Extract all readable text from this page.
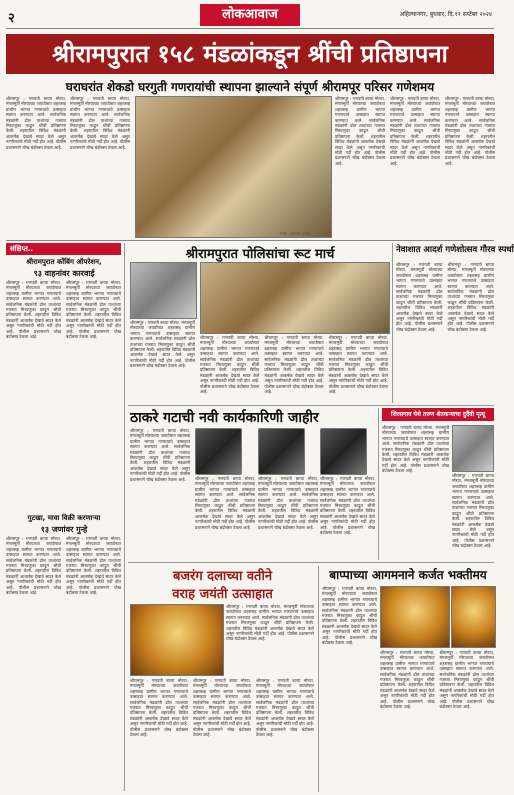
२	लोकआवाज	अहिल्यानगर, बुधवार, दि.११ सप्टेंबर २०२४
श्रीरामपुरात १५८ मंडळांकडून श्रींची प्रतिष्ठापना
घराघरांत शेकडो घरगुती गणरायांची स्थापना झाल्याने संपूर्ण श्रीरामपूर परिसर गणेशमय
श्रीरामपूर : गणपती बाप्पा मोरया, मंगलमूर्ती मोरयाच्या जयघोषात शहरासह ग्रामीण भागात गणरायाचे उत्साहात स्वागत करण्यात आले. सार्वजनिक मंडळांनी ढोल ताशांच्या गजरात मिरवणुका काढून श्रींची प्रतिष्ठापना केली. शहरातील विविध मंडळांनी आकर्षक देखावे सादर केले असून नागरिकांची मोठी गर्दी होत आहे. पोलीस प्रशासनाने चोख बंदोबस्त ठेवला आहे.
श्रीरामपूर : गणपती बाप्पा मोरया, मंगलमूर्ती मोरयाच्या जयघोषात शहरासह ग्रामीण भागात गणरायाचे उत्साहात स्वागत करण्यात आले. सार्वजनिक मंडळांनी ढोल ताशांच्या गजरात मिरवणुका काढून श्रींची प्रतिष्ठापना केली. शहरातील विविध मंडळांनी आकर्षक देखावे सादर केले असून नागरिकांची मोठी गर्दी होत आहे. पोलीस प्रशासनाने चोख बंदोबस्त ठेवला आहे.
छाया : कैलास शेळके
श्रीरामपूर : गणपती बाप्पा मोरया, मंगलमूर्ती मोरयाच्या जयघोषात शहरासह ग्रामीण भागात गणरायाचे उत्साहात स्वागत करण्यात आले. सार्वजनिक मंडळांनी ढोल ताशांच्या गजरात मिरवणुका काढून श्रींची प्रतिष्ठापना केली. शहरातील विविध मंडळांनी आकर्षक देखावे सादर केले असून नागरिकांची मोठी गर्दी होत आहे. पोलीस प्रशासनाने चोख बंदोबस्त ठेवला आहे.
श्रीरामपूर : गणपती बाप्पा मोरया, मंगलमूर्ती मोरयाच्या जयघोषात शहरासह ग्रामीण भागात गणरायाचे उत्साहात स्वागत करण्यात आले. सार्वजनिक मंडळांनी ढोल ताशांच्या गजरात मिरवणुका काढून श्रींची प्रतिष्ठापना केली. शहरातील विविध मंडळांनी आकर्षक देखावे सादर केले असून नागरिकांची मोठी गर्दी होत आहे. पोलीस प्रशासनाने चोख बंदोबस्त ठेवला आहे.
श्रीरामपूर : गणपती बाप्पा मोरया, मंगलमूर्ती मोरयाच्या जयघोषात शहरासह ग्रामीण भागात गणरायाचे उत्साहात स्वागत करण्यात आले. सार्वजनिक मंडळांनी ढोल ताशांच्या गजरात मिरवणुका काढून श्रींची प्रतिष्ठापना केली. शहरातील विविध मंडळांनी आकर्षक देखावे सादर केले असून नागरिकांची मोठी गर्दी होत आहे. पोलीस प्रशासनाने चोख बंदोबस्त ठेवला आहे.
संक्षिप्त..
श्रीरामपुरात कोंबिंग ऑपरेशन,
९३ वाहनांवर कारवाई
श्रीरामपूर : गणपती बाप्पा मोरया, मंगलमूर्ती मोरयाच्या जयघोषात शहरासह ग्रामीण भागात गणरायाचे उत्साहात स्वागत करण्यात आले. सार्वजनिक मंडळांनी ढोल ताशांच्या गजरात मिरवणुका काढून श्रींची प्रतिष्ठापना केली. शहरातील विविध मंडळांनी आकर्षक देखावे सादर केले असून नागरिकांची मोठी गर्दी होत आहे. पोलीस प्रशासनाने चोख बंदोबस्त ठेवला आहे.
श्रीरामपूर : गणपती बाप्पा मोरया, मंगलमूर्ती मोरयाच्या जयघोषात शहरासह ग्रामीण भागात गणरायाचे उत्साहात स्वागत करण्यात आले. सार्वजनिक मंडळांनी ढोल ताशांच्या गजरात मिरवणुका काढून श्रींची प्रतिष्ठापना केली. शहरातील विविध मंडळांनी आकर्षक देखावे सादर केले असून नागरिकांची मोठी गर्दी होत आहे. पोलीस प्रशासनाने चोख बंदोबस्त ठेवला आहे.
गुटखा, मावा विक्री करणाऱ्या
१३ जणांवर गुन्हे
श्रीरामपूर : गणपती बाप्पा मोरया, मंगलमूर्ती मोरयाच्या जयघोषात शहरासह ग्रामीण भागात गणरायाचे उत्साहात स्वागत करण्यात आले. सार्वजनिक मंडळांनी ढोल ताशांच्या गजरात मिरवणुका काढून श्रींची प्रतिष्ठापना केली. शहरातील विविध मंडळांनी आकर्षक देखावे सादर केले असून नागरिकांची मोठी गर्दी होत आहे. पोलीस प्रशासनाने चोख बंदोबस्त ठेवला आहे.
श्रीरामपूर : गणपती बाप्पा मोरया, मंगलमूर्ती मोरयाच्या जयघोषात शहरासह ग्रामीण भागात गणरायाचे उत्साहात स्वागत करण्यात आले. सार्वजनिक मंडळांनी ढोल ताशांच्या गजरात मिरवणुका काढून श्रींची प्रतिष्ठापना केली. शहरातील विविध मंडळांनी आकर्षक देखावे सादर केले असून नागरिकांची मोठी गर्दी होत आहे. पोलीस प्रशासनाने चोख बंदोबस्त ठेवला आहे.
श्रीरामपुरात पोलिसांचा रूट मार्च
श्रीरामपूर : गणपती बाप्पा मोरया, मंगलमूर्ती मोरयाच्या जयघोषात शहरासह ग्रामीण भागात गणरायाचे उत्साहात स्वागत करण्यात आले. सार्वजनिक मंडळांनी ढोल ताशांच्या गजरात मिरवणुका काढून श्रींची प्रतिष्ठापना केली. शहरातील विविध मंडळांनी आकर्षक देखावे सादर केले असून नागरिकांची मोठी गर्दी होत आहे. पोलीस प्रशासनाने चोख बंदोबस्त ठेवला आहे.
श्रीरामपूर : गणपती बाप्पा मोरया, मंगलमूर्ती मोरयाच्या जयघोषात शहरासह ग्रामीण भागात गणरायाचे उत्साहात स्वागत करण्यात आले. सार्वजनिक मंडळांनी ढोल ताशांच्या गजरात मिरवणुका काढून श्रींची प्रतिष्ठापना केली. शहरातील विविध मंडळांनी आकर्षक देखावे सादर केले असून नागरिकांची मोठी गर्दी होत आहे. पोलीस प्रशासनाने चोख बंदोबस्त ठेवला आहे.
श्रीरामपूर : गणपती बाप्पा मोरया, मंगलमूर्ती मोरयाच्या जयघोषात शहरासह ग्रामीण भागात गणरायाचे उत्साहात स्वागत करण्यात आले. सार्वजनिक मंडळांनी ढोल ताशांच्या गजरात मिरवणुका काढून श्रींची प्रतिष्ठापना केली. शहरातील विविध मंडळांनी आकर्षक देखावे सादर केले असून नागरिकांची मोठी गर्दी होत आहे. पोलीस प्रशासनाने चोख बंदोबस्त ठेवला आहे.
श्रीरामपूर : गणपती बाप्पा मोरया, मंगलमूर्ती मोरयाच्या जयघोषात शहरासह ग्रामीण भागात गणरायाचे उत्साहात स्वागत करण्यात आले. सार्वजनिक मंडळांनी ढोल ताशांच्या गजरात मिरवणुका काढून श्रींची प्रतिष्ठापना केली. शहरातील विविध मंडळांनी आकर्षक देखावे सादर केले असून नागरिकांची मोठी गर्दी होत आहे. पोलीस प्रशासनाने चोख बंदोबस्त ठेवला आहे.
नेवाशात आदर्श गणेशोत्सव गौरव स्पर्धा
श्रीरामपूर : गणपती बाप्पा मोरया, मंगलमूर्ती मोरयाच्या जयघोषात शहरासह ग्रामीण भागात गणरायाचे उत्साहात स्वागत करण्यात आले. सार्वजनिक मंडळांनी ढोल ताशांच्या गजरात मिरवणुका काढून श्रींची प्रतिष्ठापना केली. शहरातील विविध मंडळांनी आकर्षक देखावे सादर केले असून नागरिकांची मोठी गर्दी होत आहे. पोलीस प्रशासनाने चोख बंदोबस्त ठेवला आहे.
श्रीरामपूर : गणपती बाप्पा मोरया, मंगलमूर्ती मोरयाच्या जयघोषात शहरासह ग्रामीण भागात गणरायाचे उत्साहात स्वागत करण्यात आले. सार्वजनिक मंडळांनी ढोल ताशांच्या गजरात मिरवणुका काढून श्रींची प्रतिष्ठापना केली. शहरातील विविध मंडळांनी आकर्षक देखावे सादर केले असून नागरिकांची मोठी गर्दी होत आहे. पोलीस प्रशासनाने चोख बंदोबस्त ठेवला आहे.
ठाकरे गटाची नवी कार्यकारिणी जाहीर
श्रीरामपूर : गणपती बाप्पा मोरया, मंगलमूर्ती मोरयाच्या जयघोषात शहरासह ग्रामीण भागात गणरायाचे उत्साहात स्वागत करण्यात आले. सार्वजनिक मंडळांनी ढोल ताशांच्या गजरात मिरवणुका काढून श्रींची प्रतिष्ठापना केली. शहरातील विविध मंडळांनी आकर्षक देखावे सादर केले असून नागरिकांची मोठी गर्दी होत आहे. पोलीस प्रशासनाने चोख बंदोबस्त ठेवला आहे.	श्रीरामपूर : गणपती बाप्पा मोरया, मंगलमूर्ती मोरयाच्या जयघोषात शहरासह ग्रामीण भागात गणरायाचे उत्साहात स्वागत करण्यात आले. सार्वजनिक मंडळांनी ढोल ताशांच्या गजरात मिरवणुका काढून श्रींची प्रतिष्ठापना केली. शहरातील विविध मंडळांनी आकर्षक देखावे सादर केले असून नागरिकांची मोठी गर्दी होत आहे. पोलीस प्रशासनाने चोख बंदोबस्त ठेवला आहे.
श्रीरामपूर : गणपती बाप्पा मोरया, मंगलमूर्ती मोरयाच्या जयघोषात शहरासह ग्रामीण भागात गणरायाचे उत्साहात स्वागत करण्यात आले. सार्वजनिक मंडळांनी ढोल ताशांच्या गजरात मिरवणुका काढून श्रींची प्रतिष्ठापना केली. शहरातील विविध मंडळांनी आकर्षक देखावे सादर केले असून नागरिकांची मोठी गर्दी होत आहे. पोलीस प्रशासनाने चोख बंदोबस्त ठेवला आहे.
श्रीरामपूर : गणपती बाप्पा मोरया, मंगलमूर्ती मोरयाच्या जयघोषात शहरासह ग्रामीण भागात गणरायाचे उत्साहात स्वागत करण्यात आले. सार्वजनिक मंडळांनी ढोल ताशांच्या गजरात मिरवणुका काढून श्रींची प्रतिष्ठापना केली. शहरातील विविध मंडळांनी आकर्षक देखावे सादर केले असून नागरिकांची मोठी गर्दी होत आहे. पोलीस प्रशासनाने चोख बंदोबस्त ठेवला आहे.
शिरसगाव येथे तरुण शेतकऱ्याचा दुर्दैवी मृत्यू
श्रीरामपूर : गणपती बाप्पा मोरया, मंगलमूर्ती मोरयाच्या जयघोषात शहरासह ग्रामीण भागात गणरायाचे उत्साहात स्वागत करण्यात आले. सार्वजनिक मंडळांनी ढोल ताशांच्या गजरात मिरवणुका काढून श्रींची प्रतिष्ठापना केली. शहरातील विविध मंडळांनी आकर्षक देखावे सादर केले असून नागरिकांची मोठी गर्दी होत आहे. पोलीस प्रशासनाने चोख बंदोबस्त ठेवला आहे.
श्रीरामपूर : गणपती बाप्पा मोरया, मंगलमूर्ती मोरयाच्या जयघोषात शहरासह ग्रामीण भागात गणरायाचे उत्साहात स्वागत करण्यात आले. सार्वजनिक मंडळांनी ढोल ताशांच्या गजरात मिरवणुका काढून श्रींची प्रतिष्ठापना केली. शहरातील विविध मंडळांनी आकर्षक देखावे सादर केले असून नागरिकांची मोठी गर्दी होत आहे. पोलीस प्रशासनाने चोख बंदोबस्त ठेवला आहे.
बजरंग दलाच्या वतीने
वराह जयंती उत्साहात
श्रीरामपूर : गणपती बाप्पा मोरया, मंगलमूर्ती मोरयाच्या जयघोषात शहरासह ग्रामीण भागात गणरायाचे उत्साहात स्वागत करण्यात आले. सार्वजनिक मंडळांनी ढोल ताशांच्या गजरात मिरवणुका काढून श्रींची प्रतिष्ठापना केली. शहरातील विविध मंडळांनी आकर्षक देखावे सादर केले असून नागरिकांची मोठी गर्दी होत आहे. पोलीस प्रशासनाने चोख बंदोबस्त ठेवला आहे.
श्रीरामपूर : गणपती बाप्पा मोरया, मंगलमूर्ती मोरयाच्या जयघोषात शहरासह ग्रामीण भागात गणरायाचे उत्साहात स्वागत करण्यात आले. सार्वजनिक मंडळांनी ढोल ताशांच्या गजरात मिरवणुका काढून श्रींची प्रतिष्ठापना केली. शहरातील विविध मंडळांनी आकर्षक देखावे सादर केले असून नागरिकांची मोठी गर्दी होत आहे. पोलीस प्रशासनाने चोख बंदोबस्त ठेवला आहे.
श्रीरामपूर : गणपती बाप्पा मोरया, मंगलमूर्ती मोरयाच्या जयघोषात शहरासह ग्रामीण भागात गणरायाचे उत्साहात स्वागत करण्यात आले. सार्वजनिक मंडळांनी ढोल ताशांच्या गजरात मिरवणुका काढून श्रींची प्रतिष्ठापना केली. शहरातील विविध मंडळांनी आकर्षक देखावे सादर केले असून नागरिकांची मोठी गर्दी होत आहे. पोलीस प्रशासनाने चोख बंदोबस्त ठेवला आहे.
श्रीरामपूर : गणपती बाप्पा मोरया, मंगलमूर्ती मोरयाच्या जयघोषात शहरासह ग्रामीण भागात गणरायाचे उत्साहात स्वागत करण्यात आले. सार्वजनिक मंडळांनी ढोल ताशांच्या गजरात मिरवणुका काढून श्रींची प्रतिष्ठापना केली. शहरातील विविध मंडळांनी आकर्षक देखावे सादर केले असून नागरिकांची मोठी गर्दी होत आहे. पोलीस प्रशासनाने चोख बंदोबस्त ठेवला आहे.
बाप्पाच्या आगमनाने कर्जत भक्तीमय
श्रीरामपूर : गणपती बाप्पा मोरया, मंगलमूर्ती मोरयाच्या जयघोषात शहरासह ग्रामीण भागात गणरायाचे उत्साहात स्वागत करण्यात आले. सार्वजनिक मंडळांनी ढोल ताशांच्या गजरात मिरवणुका काढून श्रींची प्रतिष्ठापना केली. शहरातील विविध मंडळांनी आकर्षक देखावे सादर केले असून नागरिकांची मोठी गर्दी होत आहे. पोलीस प्रशासनाने चोख बंदोबस्त ठेवला आहे.
श्रीरामपूर : गणपती बाप्पा मोरया, मंगलमूर्ती मोरयाच्या जयघोषात शहरासह ग्रामीण भागात गणरायाचे उत्साहात स्वागत करण्यात आले. सार्वजनिक मंडळांनी ढोल ताशांच्या गजरात मिरवणुका काढून श्रींची प्रतिष्ठापना केली. शहरातील विविध मंडळांनी आकर्षक देखावे सादर केले असून नागरिकांची मोठी गर्दी होत आहे. पोलीस प्रशासनाने चोख बंदोबस्त ठेवला आहे.
श्रीरामपूर : गणपती बाप्पा मोरया, मंगलमूर्ती मोरयाच्या जयघोषात शहरासह ग्रामीण भागात गणरायाचे उत्साहात स्वागत करण्यात आले. सार्वजनिक मंडळांनी ढोल ताशांच्या गजरात मिरवणुका काढून श्रींची प्रतिष्ठापना केली. शहरातील विविध मंडळांनी आकर्षक देखावे सादर केले असून नागरिकांची मोठी गर्दी होत आहे. पोलीस प्रशासनाने चोख बंदोबस्त ठेवला आहे.
